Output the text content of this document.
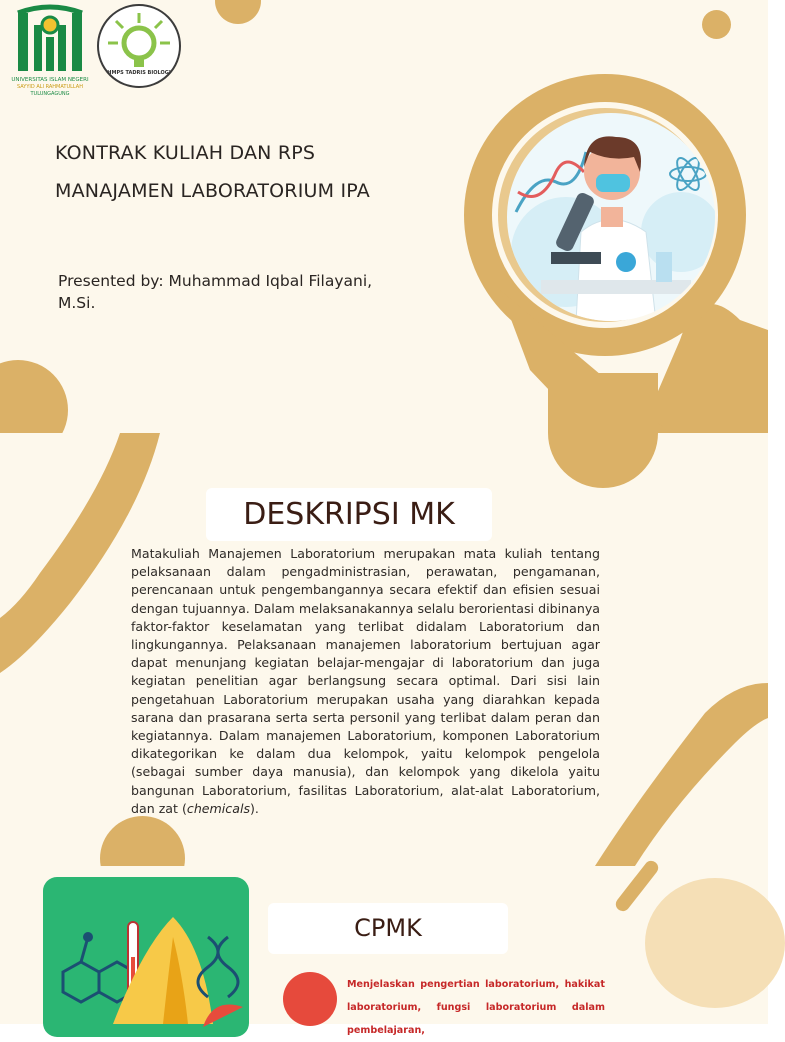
UNIVERSITAS ISLAM NEGERI
SAYYID ALI RAHMATULLAH
TULUNGAGUNG
HMPS TADRIS BIOLOGI
KONTRAK KULIAH DAN RPS
MANAJAMEN LABORATORIUM IPA
Presented by: Muhammad Iqbal Filayani, M.Si.
DESKRIPSI MK
Matakuliah Manajemen Laboratorium merupakan mata kuliah tentang pelaksanaan dalam pengadministrasian, perawatan, pengamanan, perencanaan untuk pengembangannya secara efektif dan efisien sesuai dengan tujuannya. Dalam melaksanakannya selalu berorientasi dibinanya faktor-faktor keselamatan yang terlibat didalam Laboratorium dan lingkungannya. Pelaksanaan manajemen laboratorium bertujuan agar dapat menunjang kegiatan belajar-mengajar di laboratorium dan juga kegiatan penelitian agar berlangsung secara optimal. Dari sisi lain pengetahuan Laboratorium merupakan usaha yang diarahkan kepada sarana dan prasarana serta serta personil yang terlibat dalam peran dan kegiatannya. Dalam manajemen Laboratorium, komponen Laboratorium dikategorikan ke dalam dua kelompok, yaitu kelompok pengelola (sebagai sumber daya manusia), dan kelompok yang dikelola yaitu bangunan Laboratorium, fasilitas Laboratorium, alat-alat Laboratorium, dan zat (chemicals).
CPMK
Menjelaskan pengertian laboratorium, hakikat laboratorium, fungsi laboratorium dalam pembelajaran,
